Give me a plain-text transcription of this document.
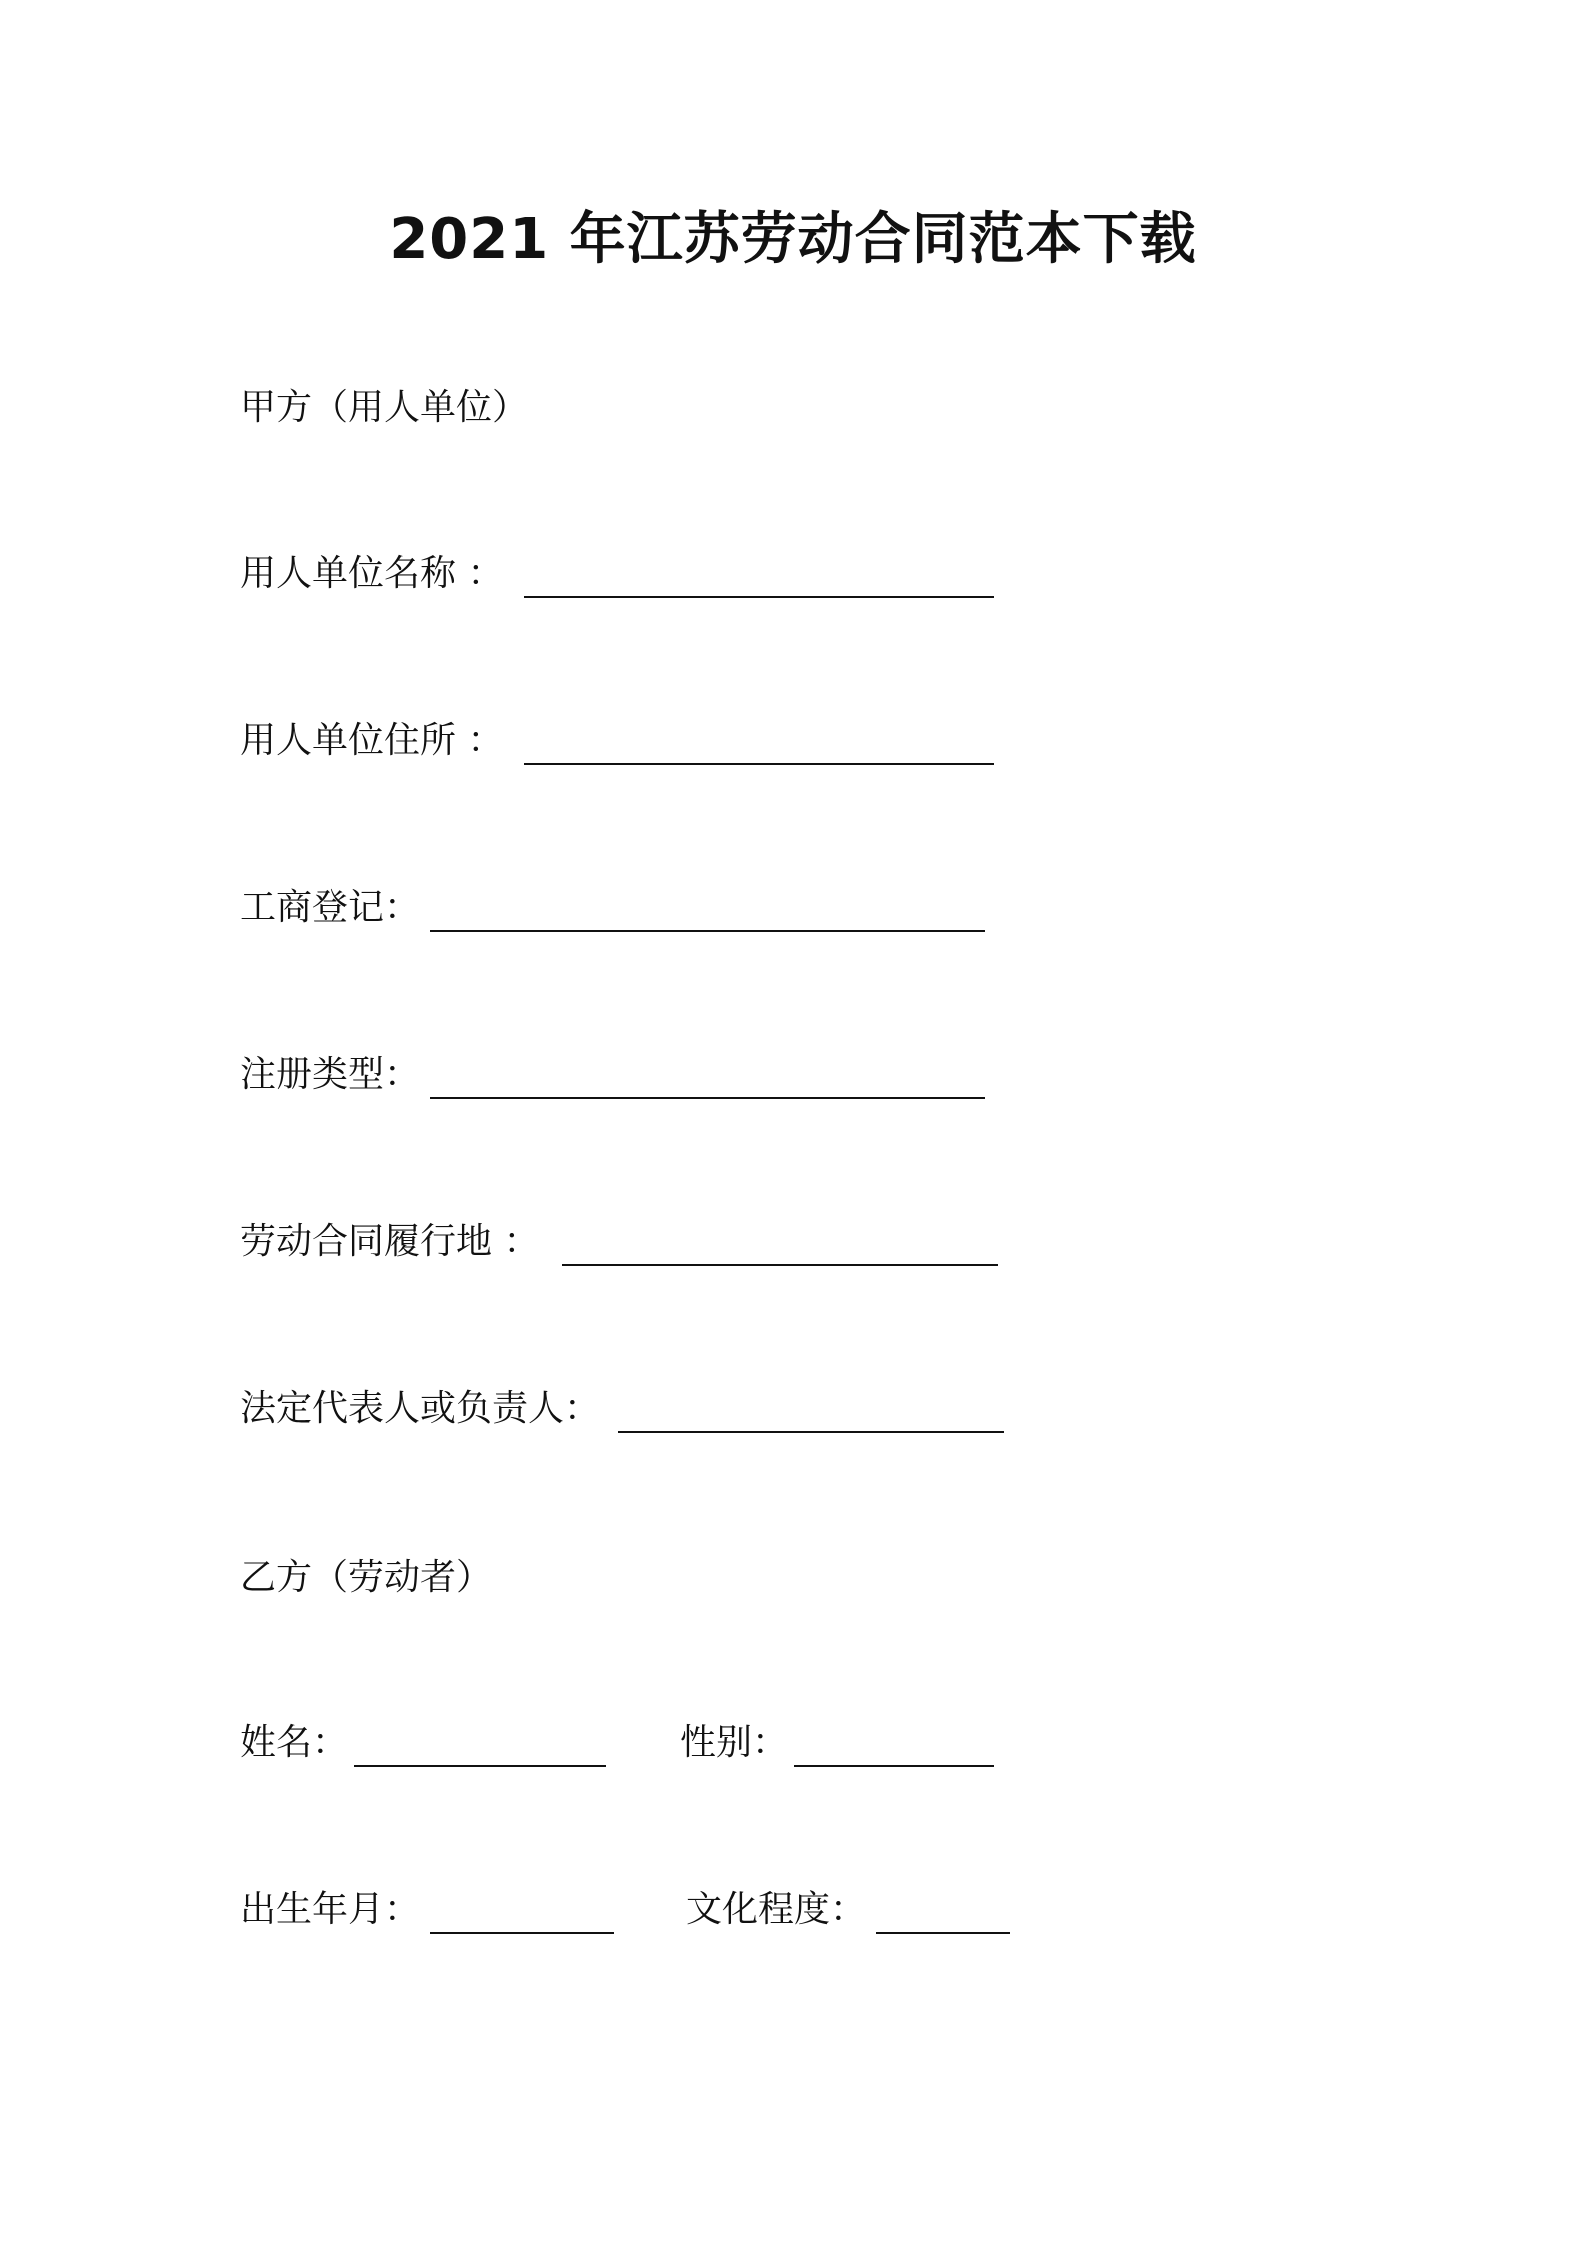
2021 年江苏劳动合同范本下载
甲方（用人单位）
用人单位名称 ：
用人单位住所 ：
工商登记：
注册类型：
劳动合同履行地 ：
法定代表人或负责人：
乙方（劳动者）
姓名：	性别：
出生年月：	文化程度：
